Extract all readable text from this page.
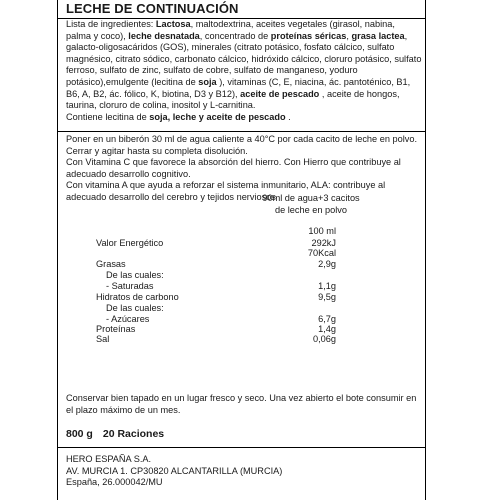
LECHE DE CONTINUACIÓN

Lista de ingredientes: Lactosa, maltodextrina, aceites vegetales (girasol, nabina, palma y coco), leche desnatada, concentrado de proteínas séricas, grasa lactea, galacto-oligosacáridos (GOS), minerales (citrato potásico, fosfato cálcico, sulfato magnésico, citrato sódico, carbonato cálcico, hidróxido cálcico, cloruro potásico, sulfato ferroso, sulfato de zinc, sulfato de cobre, sulfato de manganeso, yoduro potásico),emulgente (lecitina de soja ), vitaminas (C, E, niacina, ác. pantoténico, B1, B6, A, B2, ác. fólico, K, biotina, D3 y B12), aceite de pescado , aceite de hongos, taurina, cloruro de colina, inositol y L-carnitina.

Contiene lecitina de soja, leche y aceite de pescado .

Poner en un biberón 30 ml de agua caliente a 40°C por cada cacito de leche en polvo. Cerrar y agitar hasta su completa disolución.

Con Vitamina C que favorece la absorción del hierro. Con Hierro que contribuye al adecuado desarrollo cognitivo.

Con vitamina A que ayuda a reforzar el sistema inmunitario, ALA: contribuye al adecuado desarrollo del cerebro y tejidos nerviosos

90ml de agua+3 cacitos
de leche en polvo
100 ml
Valor Energético	292kJ
70Kcal
Grasas	2,9g
De las cuales:
- Saturadas	1,1g
Hidratos de carbono	9,5g
De las cuales:
- Azúcares	6,7g
Proteínas	1,4g
Sal	0,06g

Conservar bien tapado en un lugar fresco y seco. Una vez abierto el bote consumir en el plazo máximo de un mes.

800 g 20 Raciones
HERO ESPAÑA S.A.
AV. MURCIA 1. CP30820 ALCANTARILLA (MURCIA)
España, 26.000042/MU
